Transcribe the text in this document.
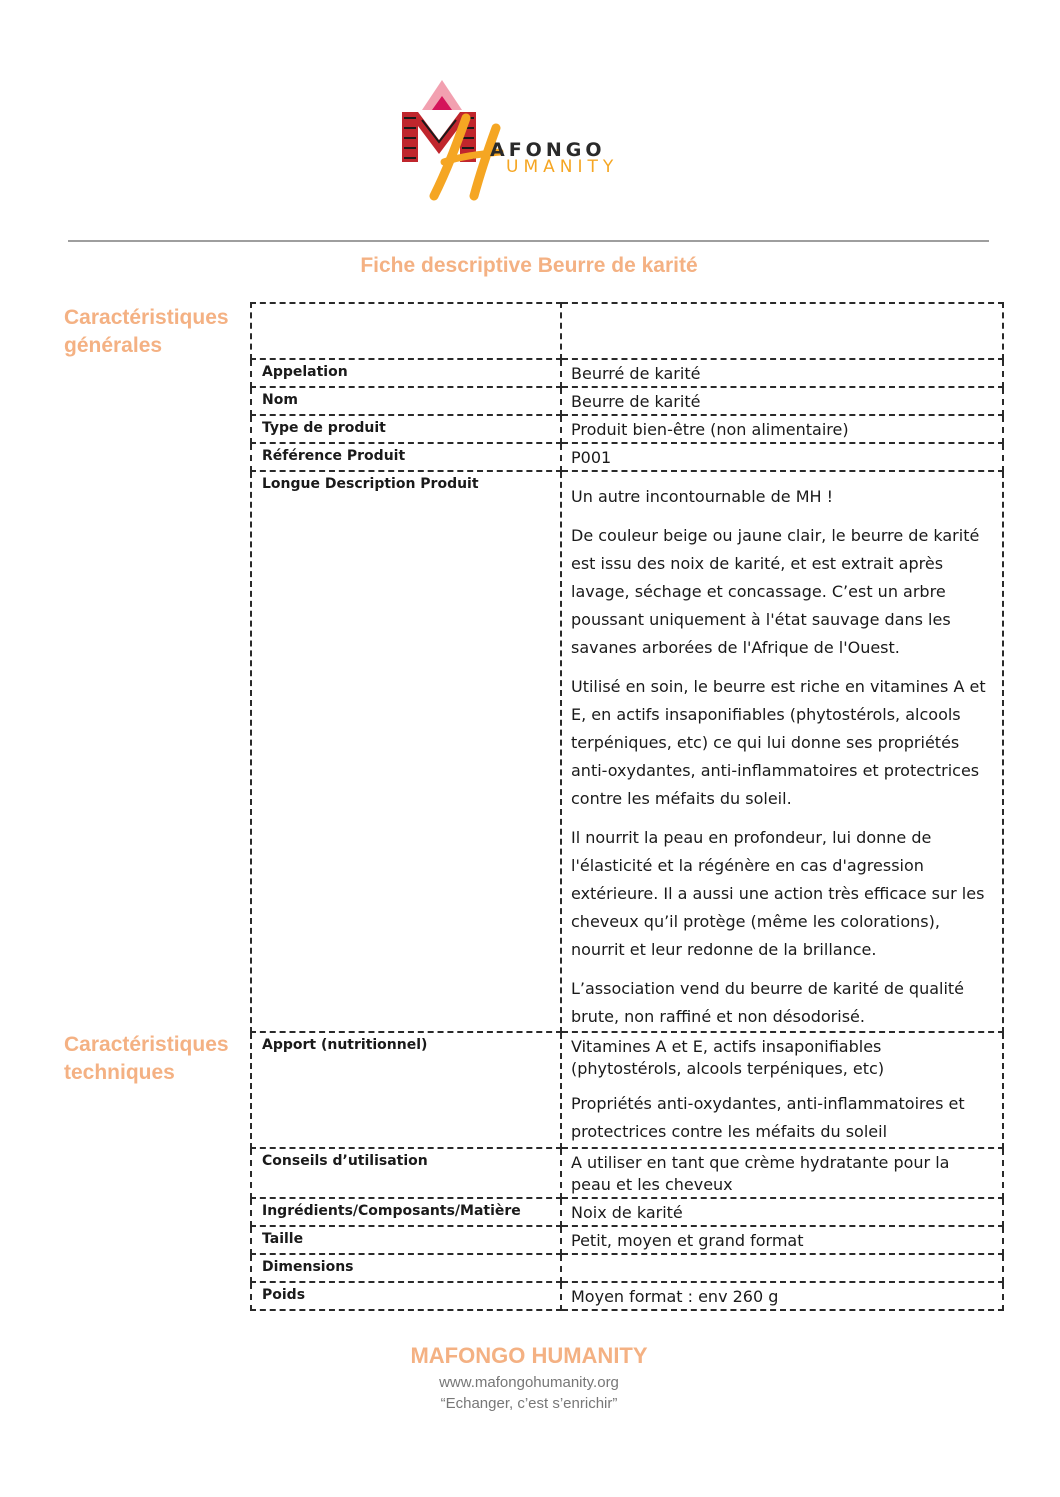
AFONGO
UMANITY
Fiche descriptive Beurre de karité
Caractéristiques
générales
Caractéristiques
techniques

Appelation	Beurré de karité
Nom	Beurre de karité
Type de produit	Produit bien-être (non alimentaire)
Référence Produit	P001
Longue Description Produit	Un autre incontournable de MH !

De couleur beige ou jaune clair, le beurre de karité est issu des noix de karité, et est extrait après lavage, séchage et concassage. C’est un arbre poussant uniquement à l'état sauvage dans les savanes arborées de l'Afrique de l'Ouest.

Utilisé en soin, le beurre est riche en vitamines A et E, en actifs insaponifiables (phytostérols, alcools terpéniques, etc) ce qui lui donne ses propriétés anti-oxydantes, anti-inflammatoires et protectrices contre les méfaits du soleil.

Il nourrit la peau en profondeur, lui donne de l'élasticité et la régénère en cas d'agression extérieure. Il a aussi une action très efficace sur les cheveux qu’il protège (même les colorations), nourrit et leur redonne de la brillance.

L’association vend du beurre de karité de qualité brute, non raffiné et non désodorisé.

Apport (nutritionnel)	Vitamines A et E, actifs insaponifiables (phytostérols, alcools terpéniques, etc)

Propriétés anti-oxydantes, anti-inflammatoires et protectrices contre les méfaits du soleil

Conseils d’utilisation	A utiliser en tant que crème hydratante pour la peau et les cheveux
Ingrédients/Composants/Matière	Noix de karité
Taille	Petit, moyen et grand format
Dimensions	
Poids	Moyen format : env 260 g
MAFONGO HUMANITY
www.mafongohumanity.org
“Echanger, c’est s’enrichir”
